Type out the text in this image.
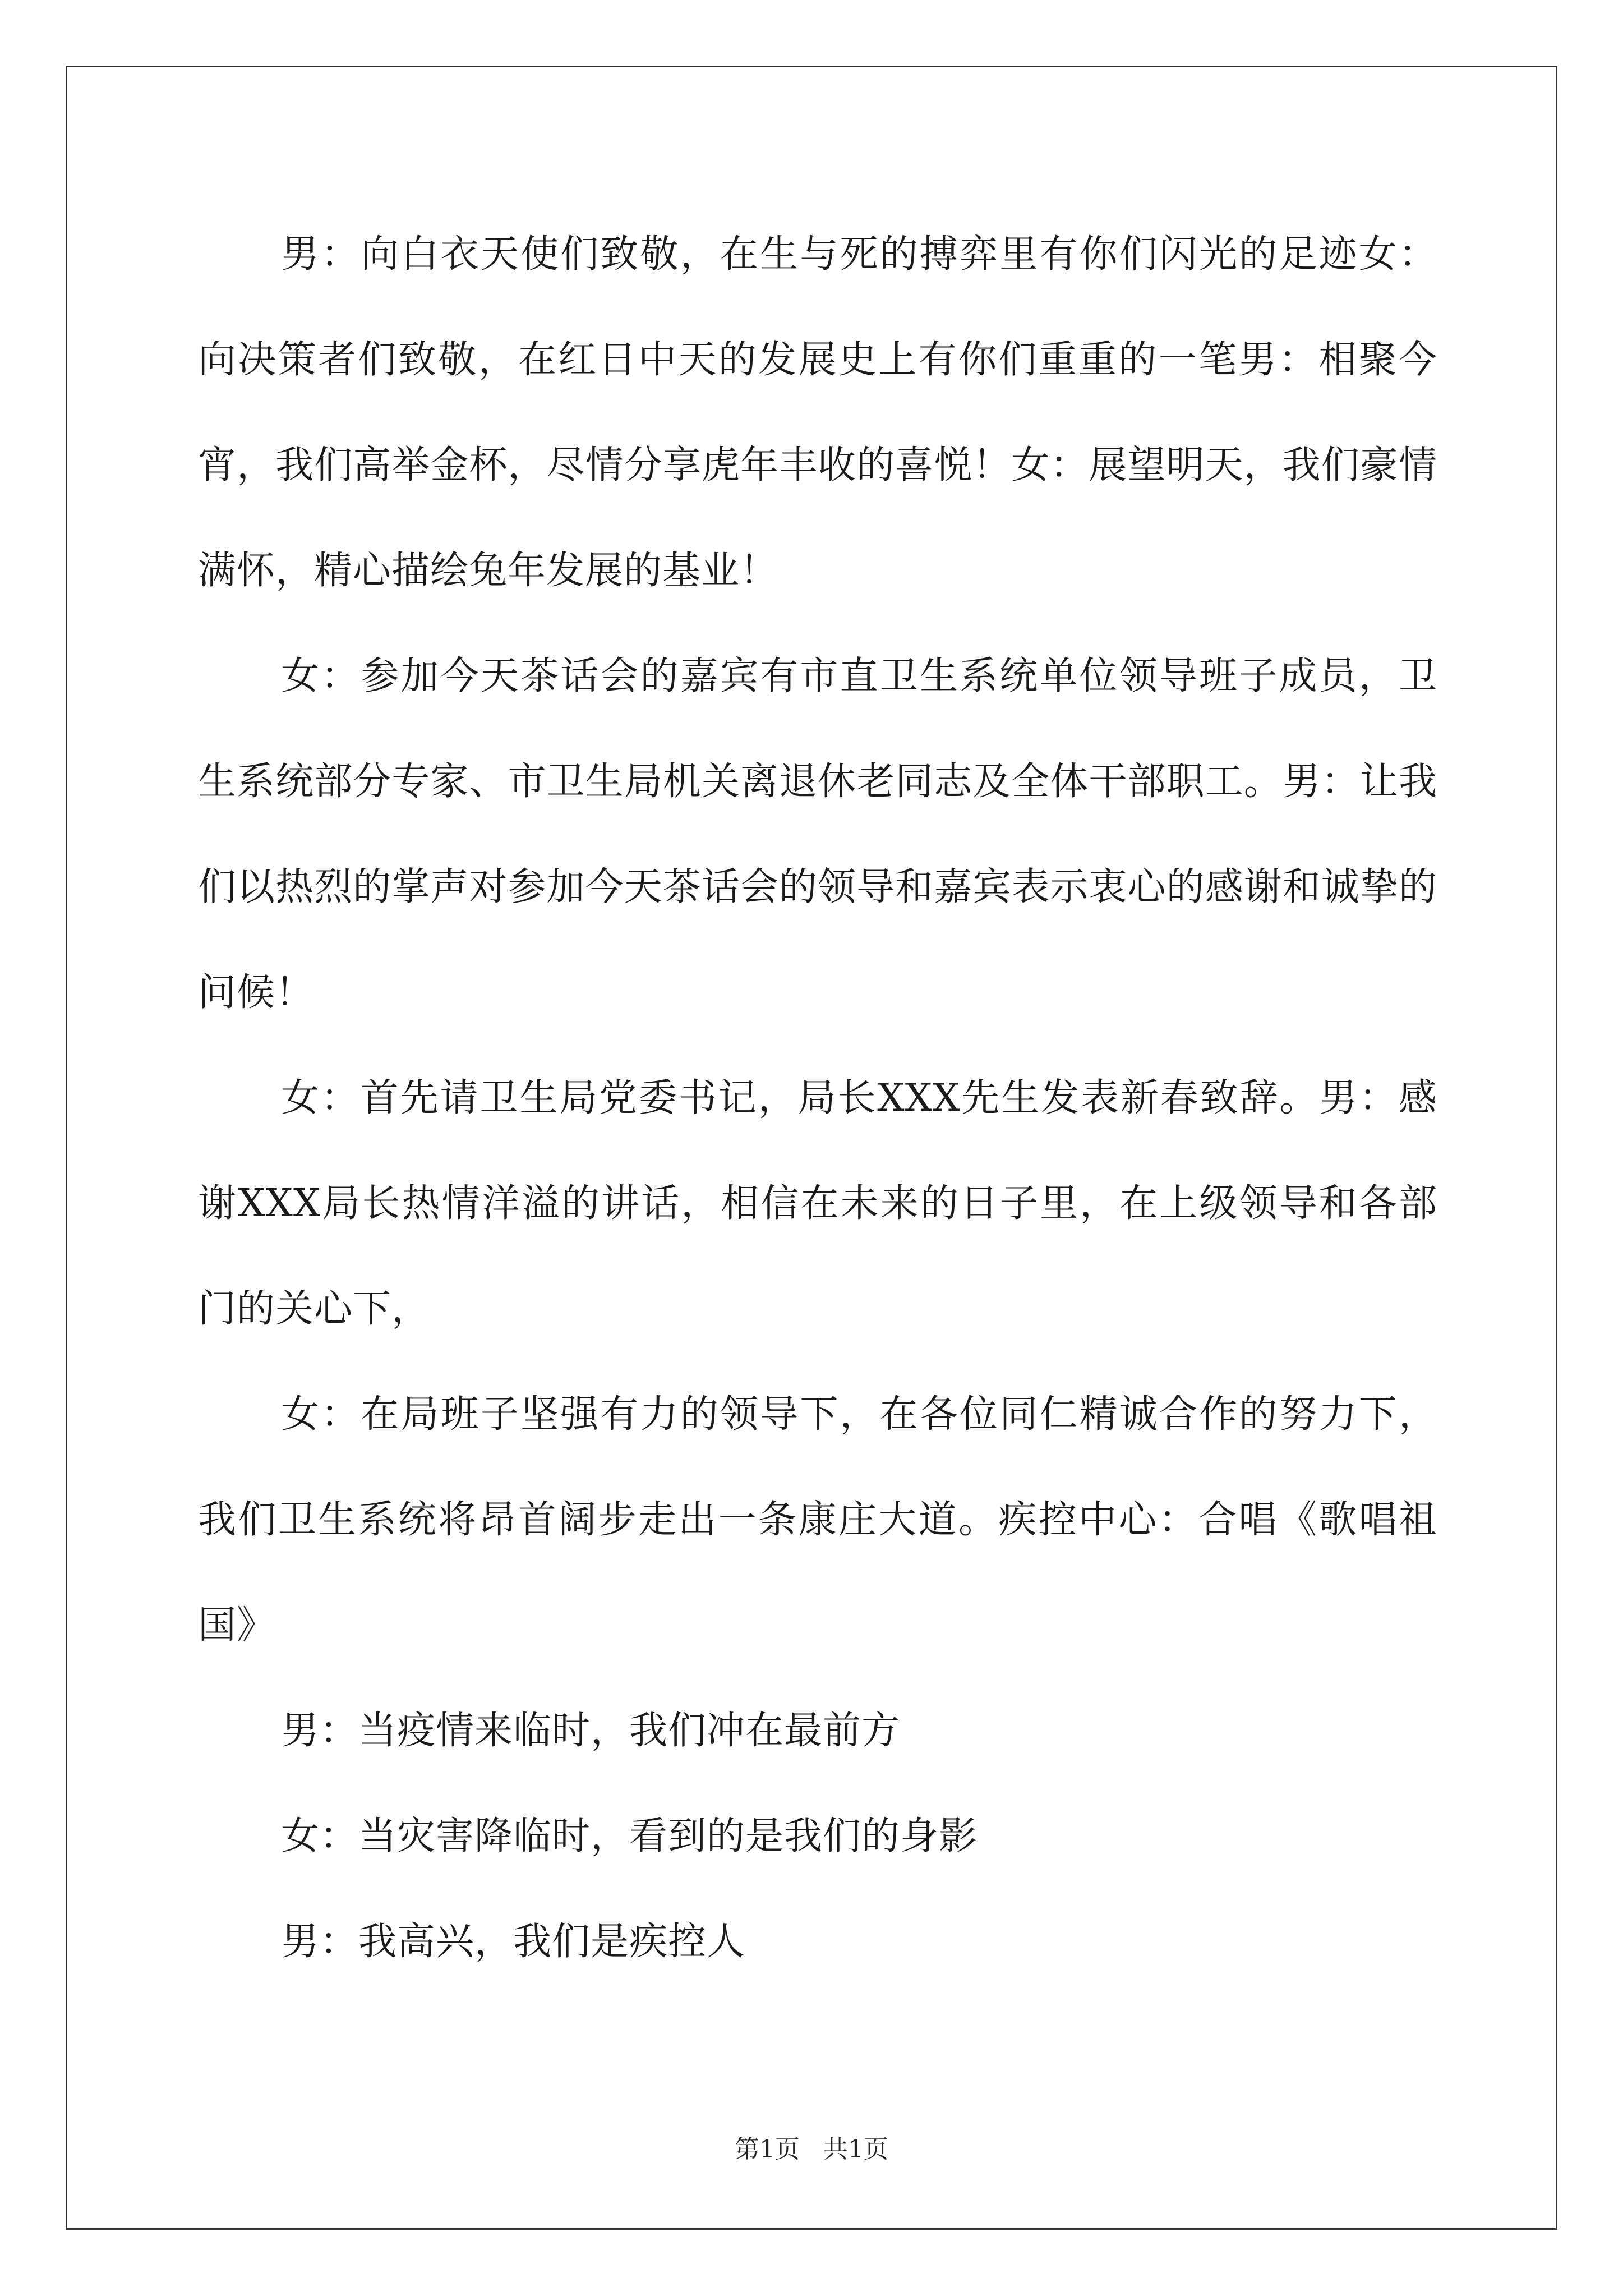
男：向白衣天使们致敬，在生与死的搏弈里有你们闪光的足迹女：向决策者们致敬，在红日中天的发展史上有你们重重的一笔男：相聚今宵，我们高举金杯，尽情分享虎年丰收的喜悦！女：展望明天，我们豪情满怀，精心描绘兔年发展的基业！

女：参加今天茶话会的嘉宾有市直卫生系统单位领导班子成员，卫生系统部分专家、市卫生局机关离退休老同志及全体干部职工。男：让我们以热烈的掌声对参加今天茶话会的领导和嘉宾表示衷心的感谢和诚挚的问候！

女：首先请卫生局党委书记，局长XXX先生发表新春致辞。男：感谢XXX局长热情洋溢的讲话，相信在未来的日子里，在上级领导和各部门的关心下，

女：在局班子坚强有力的领导下，在各位同仁精诚合作的努力下，我们卫生系统将昂首阔步走出一条康庄大道。疾控中心：合唱《歌唱祖国》

男：当疫情来临时，我们冲在最前方

女：当灾害降临时，看到的是我们的身影

男：我高兴，我们是疾控人

第1页   共1页
